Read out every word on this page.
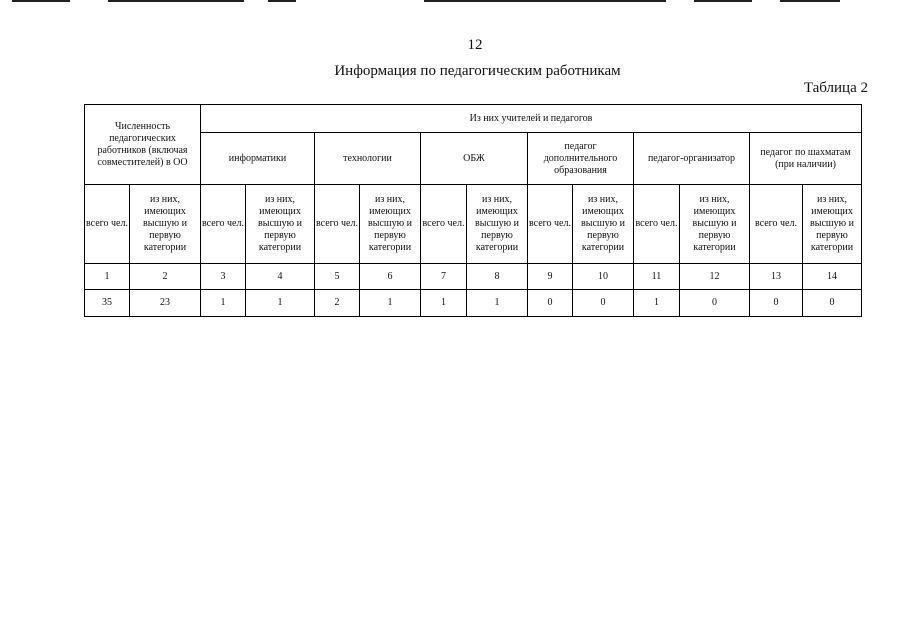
12
Информация по педагогическим работникам
Таблица 2
Численность педагогических работников (включая совместителей) в ОО		Из них учителей и педагогов											
		информатики		технологии		ОБЖ		педагог дополнительного образования		педагог-организатор		педагог по шахматам (при наличии)	
всего чел.	из них, имеющих высшую и первую категории	всего чел.	из них, имеющих высшую и первую категории	всего чел.	из них, имеющих высшую и первую категории	всего чел.	из них, имеющих высшую и первую категории	всего чел.	из них, имеющих высшую и первую категории	всего чел.	из них, имеющих высшую и первую категории	всего чел.	из них, имеющих высшую и первую категории
1	2	3	4	5	6	7	8	9	10	11	12	13	14
35	23	1	1	2	1	1	1	0	0	1	0	0	0
